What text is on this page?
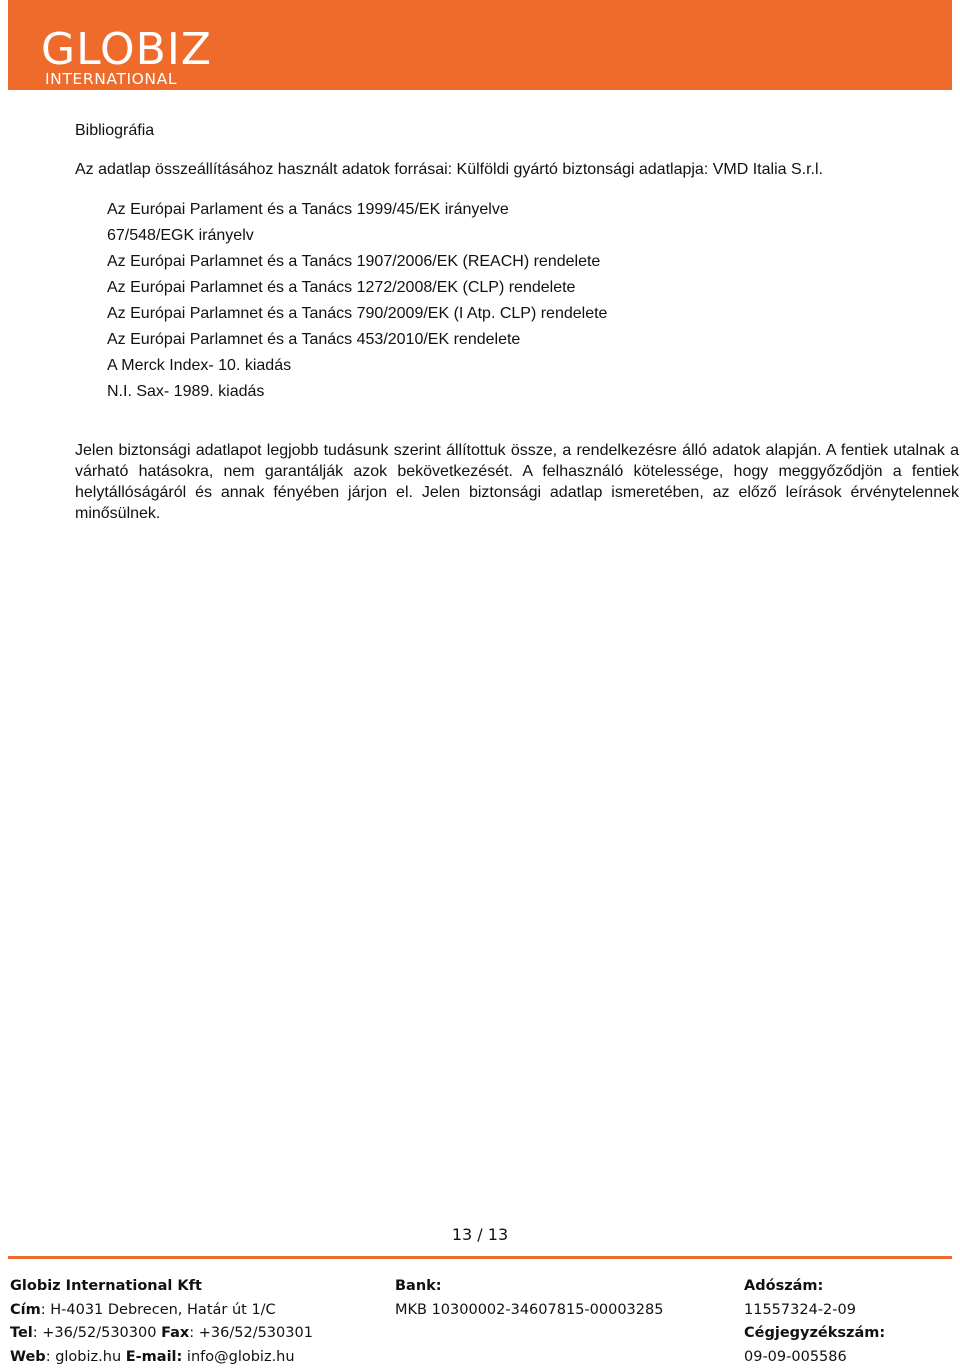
GLOBIZ
INTERNATIONAL
Bibliográfia
Az adatlap összeállításához használt adatok forrásai: Külföldi gyártó biztonsági adatlapja: VMD Italia S.r.l.
Az Európai Parlament és a Tanács 1999/45/EK irányelve
67/548/EGK irányelv
Az Európai Parlamnet és a Tanács 1907/2006/EK (REACH) rendelete
Az Európai Parlamnet és a Tanács 1272/2008/EK (CLP) rendelete
Az Európai Parlamnet és a Tanács 790/2009/EK (I Atp. CLP) rendelete
Az Európai Parlamnet és a Tanács 453/2010/EK rendelete
A Merck Index- 10. kiadás
N.I. Sax- 1989. kiadás

Jelen biztonsági adatlapot legjobb tudásunk szerint állítottuk össze, a rendelkezésre álló adatok alapján. A fentiek utalnak a várható hatásokra, nem garantálják azok bekövetkezését. A felhasználó kötelessége, hogy meggyőződjön a fentiek helytállóságáról és annak fényében járjon el. Jelen biztonsági adatlap ismeretében, az előző leírások érvénytelennek minősülnek.

13 / 13
Globiz International Kft
Cím: H-4031 Debrecen, Határ út 1/C
Tel: +36/52/530300 Fax: +36/52/530301
Web: globiz.hu E-mail: info@globiz.hu
Bank:
MKB 10300002-34607815-00003285
Adószám:
11557324-2-09
Cégjegyzékszám:
09-09-005586
